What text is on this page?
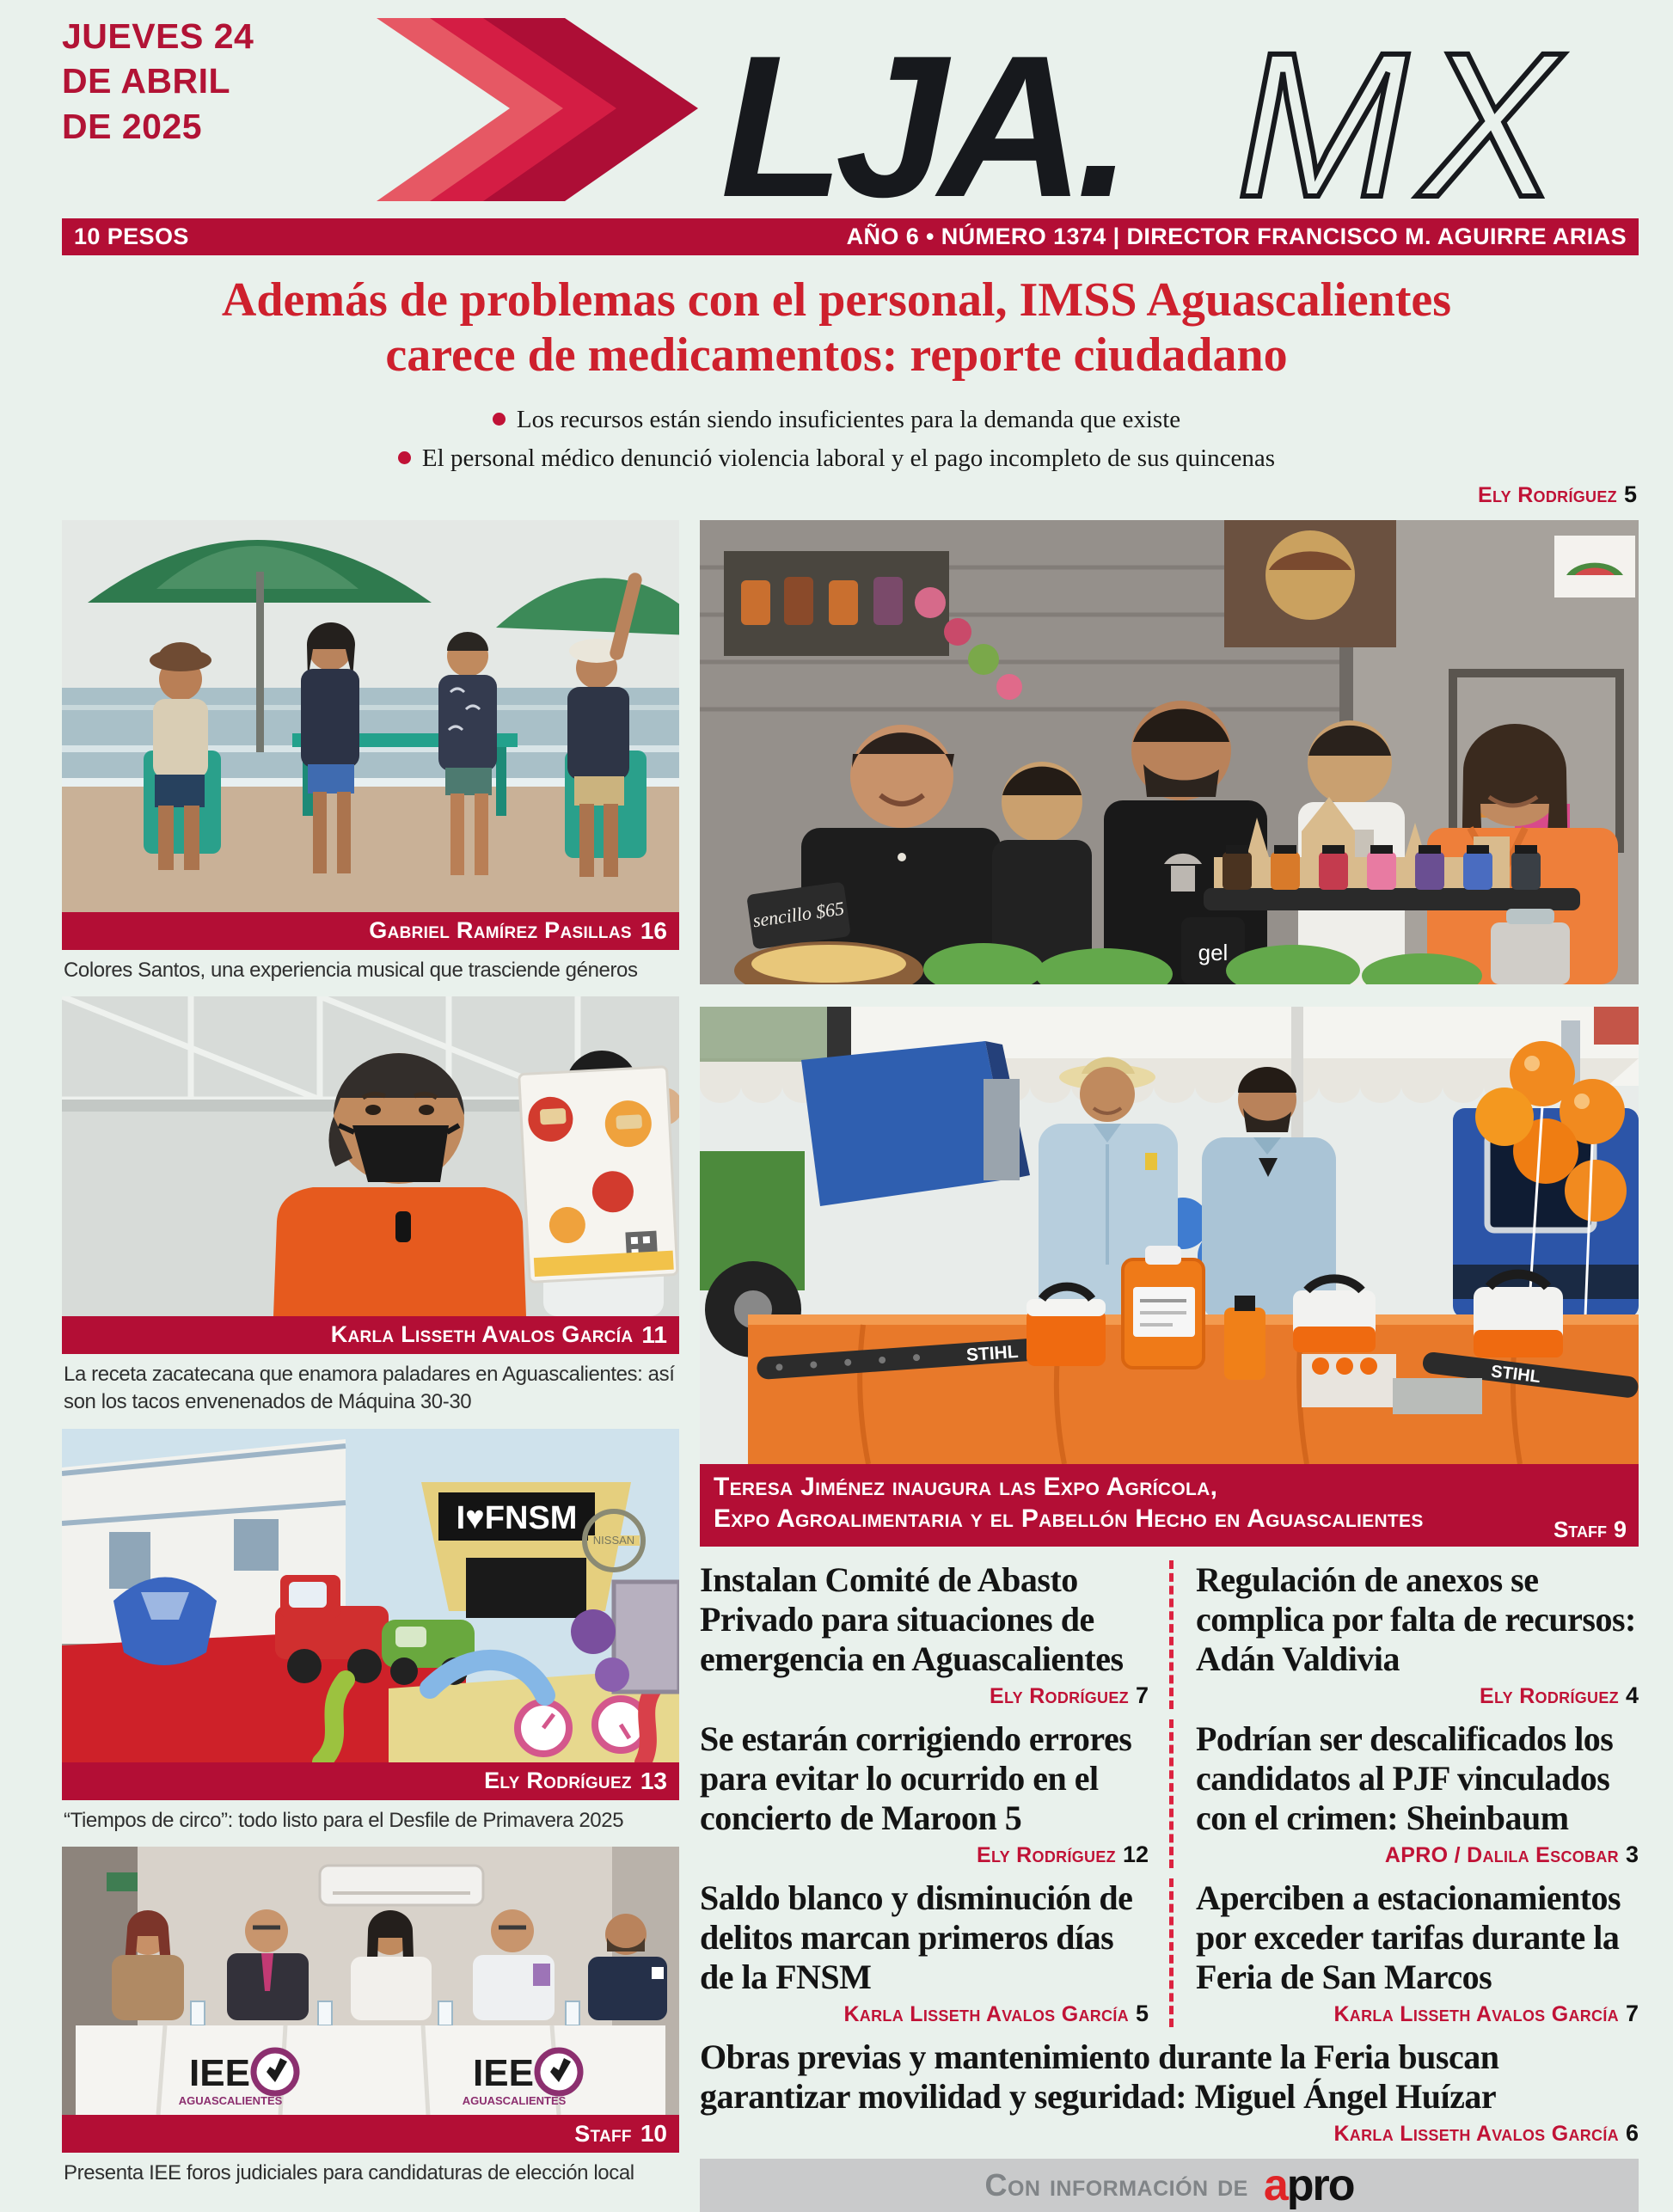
JUEVES 24
DE ABRIL
DE 2025	LJA. MX
10 PESOS	AÑO 6 • NÚMERO 1374 | DIRECTOR FRANCISCO M. AGUIRRE ARIAS
Además de problemas con el personal, IMSS Aguascalientes carece de medicamentos: reporte ciudadano
Los recursos están siendo insuficientes para la demanda que existe
El personal médico denunció violencia laboral y el pago incompleto de sus quincenas
Ely Rodríguez 5
Gabriel Ramírez Pasillas 16
Colores Santos, una experiencia musical que trasciende géneros
Karla Lisseth Avalos García 11
La receta zacatecana que enamora paladares en Aguascalientes: así son los tacos envenenados de Máquina 30-30
I♥FNSM
NISSAN
Ely Rodríguez 13
“Tiempos de circo”: todo listo para el Desfile de Primavera 2025
IEE
AGUASCALIENTES
IEE
AGUASCALIENTES
Staff 10
Presenta IEE foros judiciales para candidaturas de elección local
sencillo $65
gel
STIHL
STIHL
Teresa Jiménez inaugura las Expo Agrícola,
Expo Agroalimentaria y el Pabellón Hecho en Aguascalientes	Staff 9
Instalan Comité de Abasto Privado para situaciones de emergencia en Aguascalientes
Ely Rodríguez 7
Regulación de anexos se complica por falta de recursos: Adán Valdivia
Ely Rodríguez 4
Se estarán corrigiendo errores para evitar lo ocurrido en el concierto de Maroon 5
Ely Rodríguez 12
Podrían ser descalificados los candidatos al PJF vinculados con el crimen: Sheinbaum
APRO / Dalila Escobar 3
Saldo blanco y disminución de delitos marcan primeros días de la FNSM
Karla Lisseth Avalos García 5
Aperciben a estacionamientos por exceder tarifas durante la Feria de San Marcos
Karla Lisseth Avalos García 7
Obras previas y mantenimiento durante la Feria buscan garantizar movilidad y seguridad: Miguel Ángel Huízar
Karla Lisseth Avalos García 6
Con información de apro
